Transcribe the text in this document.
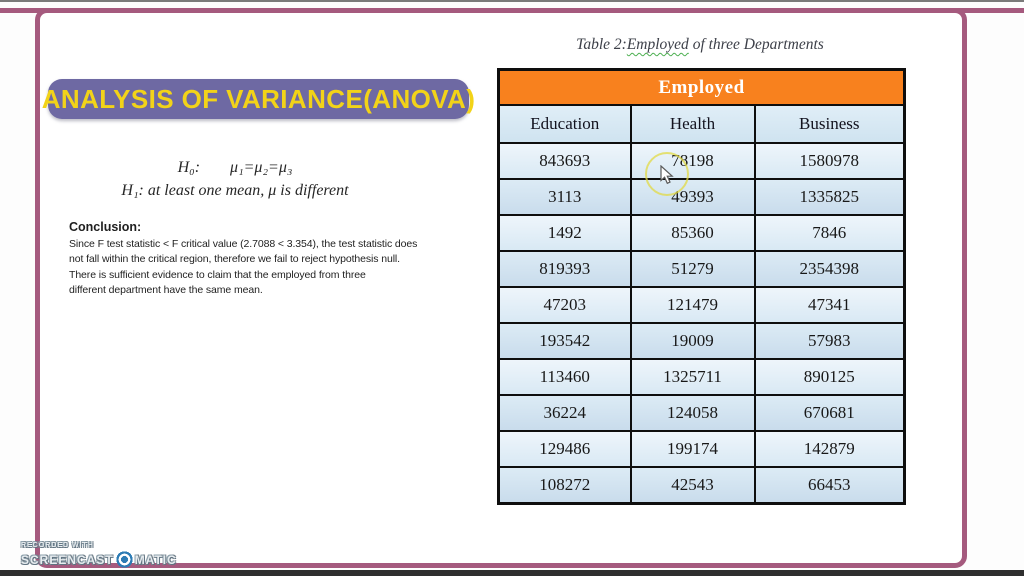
ANALYSIS OF VARIANCE(ANOVA)
H₀: μ₁=μ₂=μ₃
H₁: at least one mean, μ is different
Conclusion:
Since F test statistic < F critical value (2.7088 < 3.354), the test statistic does
not fall within the critical region, therefore we fail to reject hypothesis null.
There is sufficient evidence to claim that the employed from three
different department have the same mean.
Table 2:Employed of three Departments
Employed		
Education	Health	Business
843693	78198	1580978
3113	49393	1335825
1492	85360	7846
819393	51279	2354398
47203	121479	47341
193542	19009	57983
113460	1325711	890125
36224	124058	670681
129486	199174	142879
108272	42543	66453
RECORDED WITH
SCREENCAST MATIC
